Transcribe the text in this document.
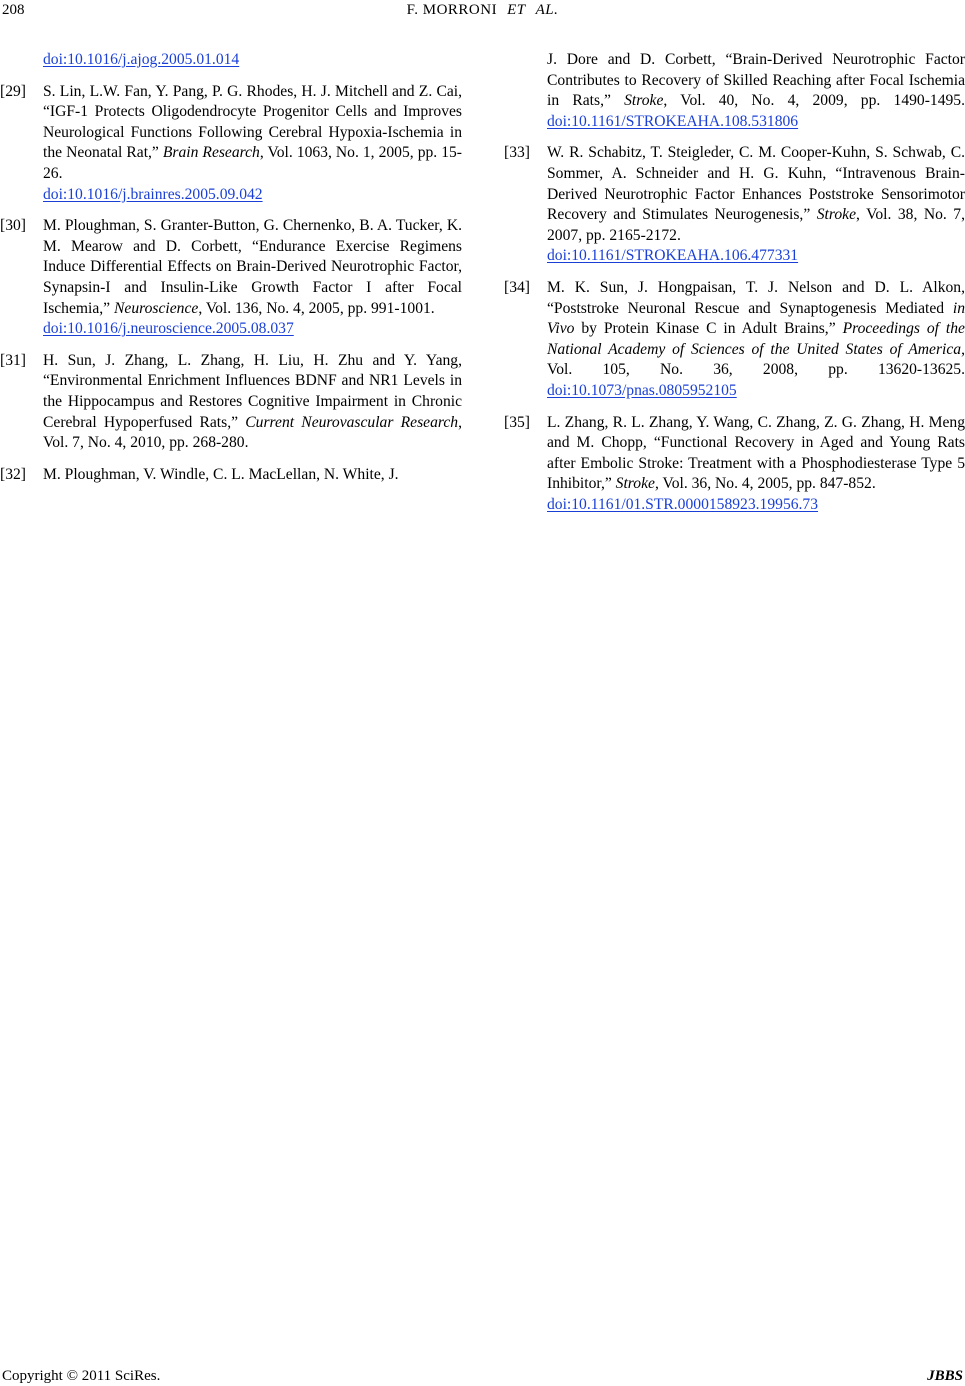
208	F. MORRONI ET AL.
doi:10.1016/j.ajog.2005.01.014
[29]	S. Lin, L.W. Fan, Y. Pang, P. G. Rhodes, H. J. Mitchell and Z. Cai, “IGF-1 Protects Oligodendrocyte Progenitor Cells and Improves Neurological Functions Following Cerebral Hypoxia-Ischemia in the Neonatal Rat,” Brain Research, Vol. 1063, No. 1, 2005, pp. 15-26.
doi:10.1016/j.brainres.2005.09.042
[30]	M. Ploughman, S. Granter-Button, G. Chernenko, B. A. Tucker, K. M. Mearow and D. Corbett, “Endurance Exercise Regimens Induce Differential Effects on Brain-Derived Neurotrophic Factor, Synapsin-I and Insulin-Like Growth Factor I after Focal Ischemia,” Neuroscience, Vol. 136, No. 4, 2005, pp. 991-1001.
doi:10.1016/j.neuroscience.2005.08.037
[31]	H. Sun, J. Zhang, L. Zhang, H. Liu, H. Zhu and Y. Yang, “Environmental Enrichment Influences BDNF and NR1 Levels in the Hippocampus and Restores Cognitive Impairment in Chronic Cerebral Hypoperfused Rats,” Current Neurovascular Research, Vol. 7, No. 4, 2010, pp. 268-280.
[32]	M. Ploughman, V. Windle, C. L. MacLellan, N. White, J.
J. Dore and D. Corbett, “Brain-Derived Neurotrophic Factor Contributes to Recovery of Skilled Reaching after Focal Ischemia in Rats,” Stroke, Vol. 40, No. 4, 2009, pp. 1490-1495. doi:10.1161/STROKEAHA.108.531806
[33]	W. R. Schabitz, T. Steigleder, C. M. Cooper-Kuhn, S. Schwab, C. Sommer, A. Schneider and H. G. Kuhn, “Intravenous Brain-Derived Neurotrophic Factor Enhances Poststroke Sensorimotor Recovery and Stimulates Neurogenesis,” Stroke, Vol. 38, No. 7, 2007, pp. 2165-2172.
doi:10.1161/STROKEAHA.106.477331
[34]	M. K. Sun, J. Hongpaisan, T. J. Nelson and D. L. Alkon, “Poststroke Neuronal Rescue and Synaptogenesis Mediated in Vivo by Protein Kinase C in Adult Brains,” Proceedings of the National Academy of Sciences of the United States of America, Vol. 105, No. 36, 2008, pp. 13620-13625. doi:10.1073/pnas.0805952105
[35]	L. Zhang, R. L. Zhang, Y. Wang, C. Zhang, Z. G. Zhang, H. Meng and M. Chopp, “Functional Recovery in Aged and Young Rats after Embolic Stroke: Treatment with a Phosphodiesterase Type 5 Inhibitor,” Stroke, Vol. 36, No. 4, 2005, pp. 847-852.
doi:10.1161/01.STR.0000158923.19956.73
Copyright © 2011 SciRes.	JBBS
